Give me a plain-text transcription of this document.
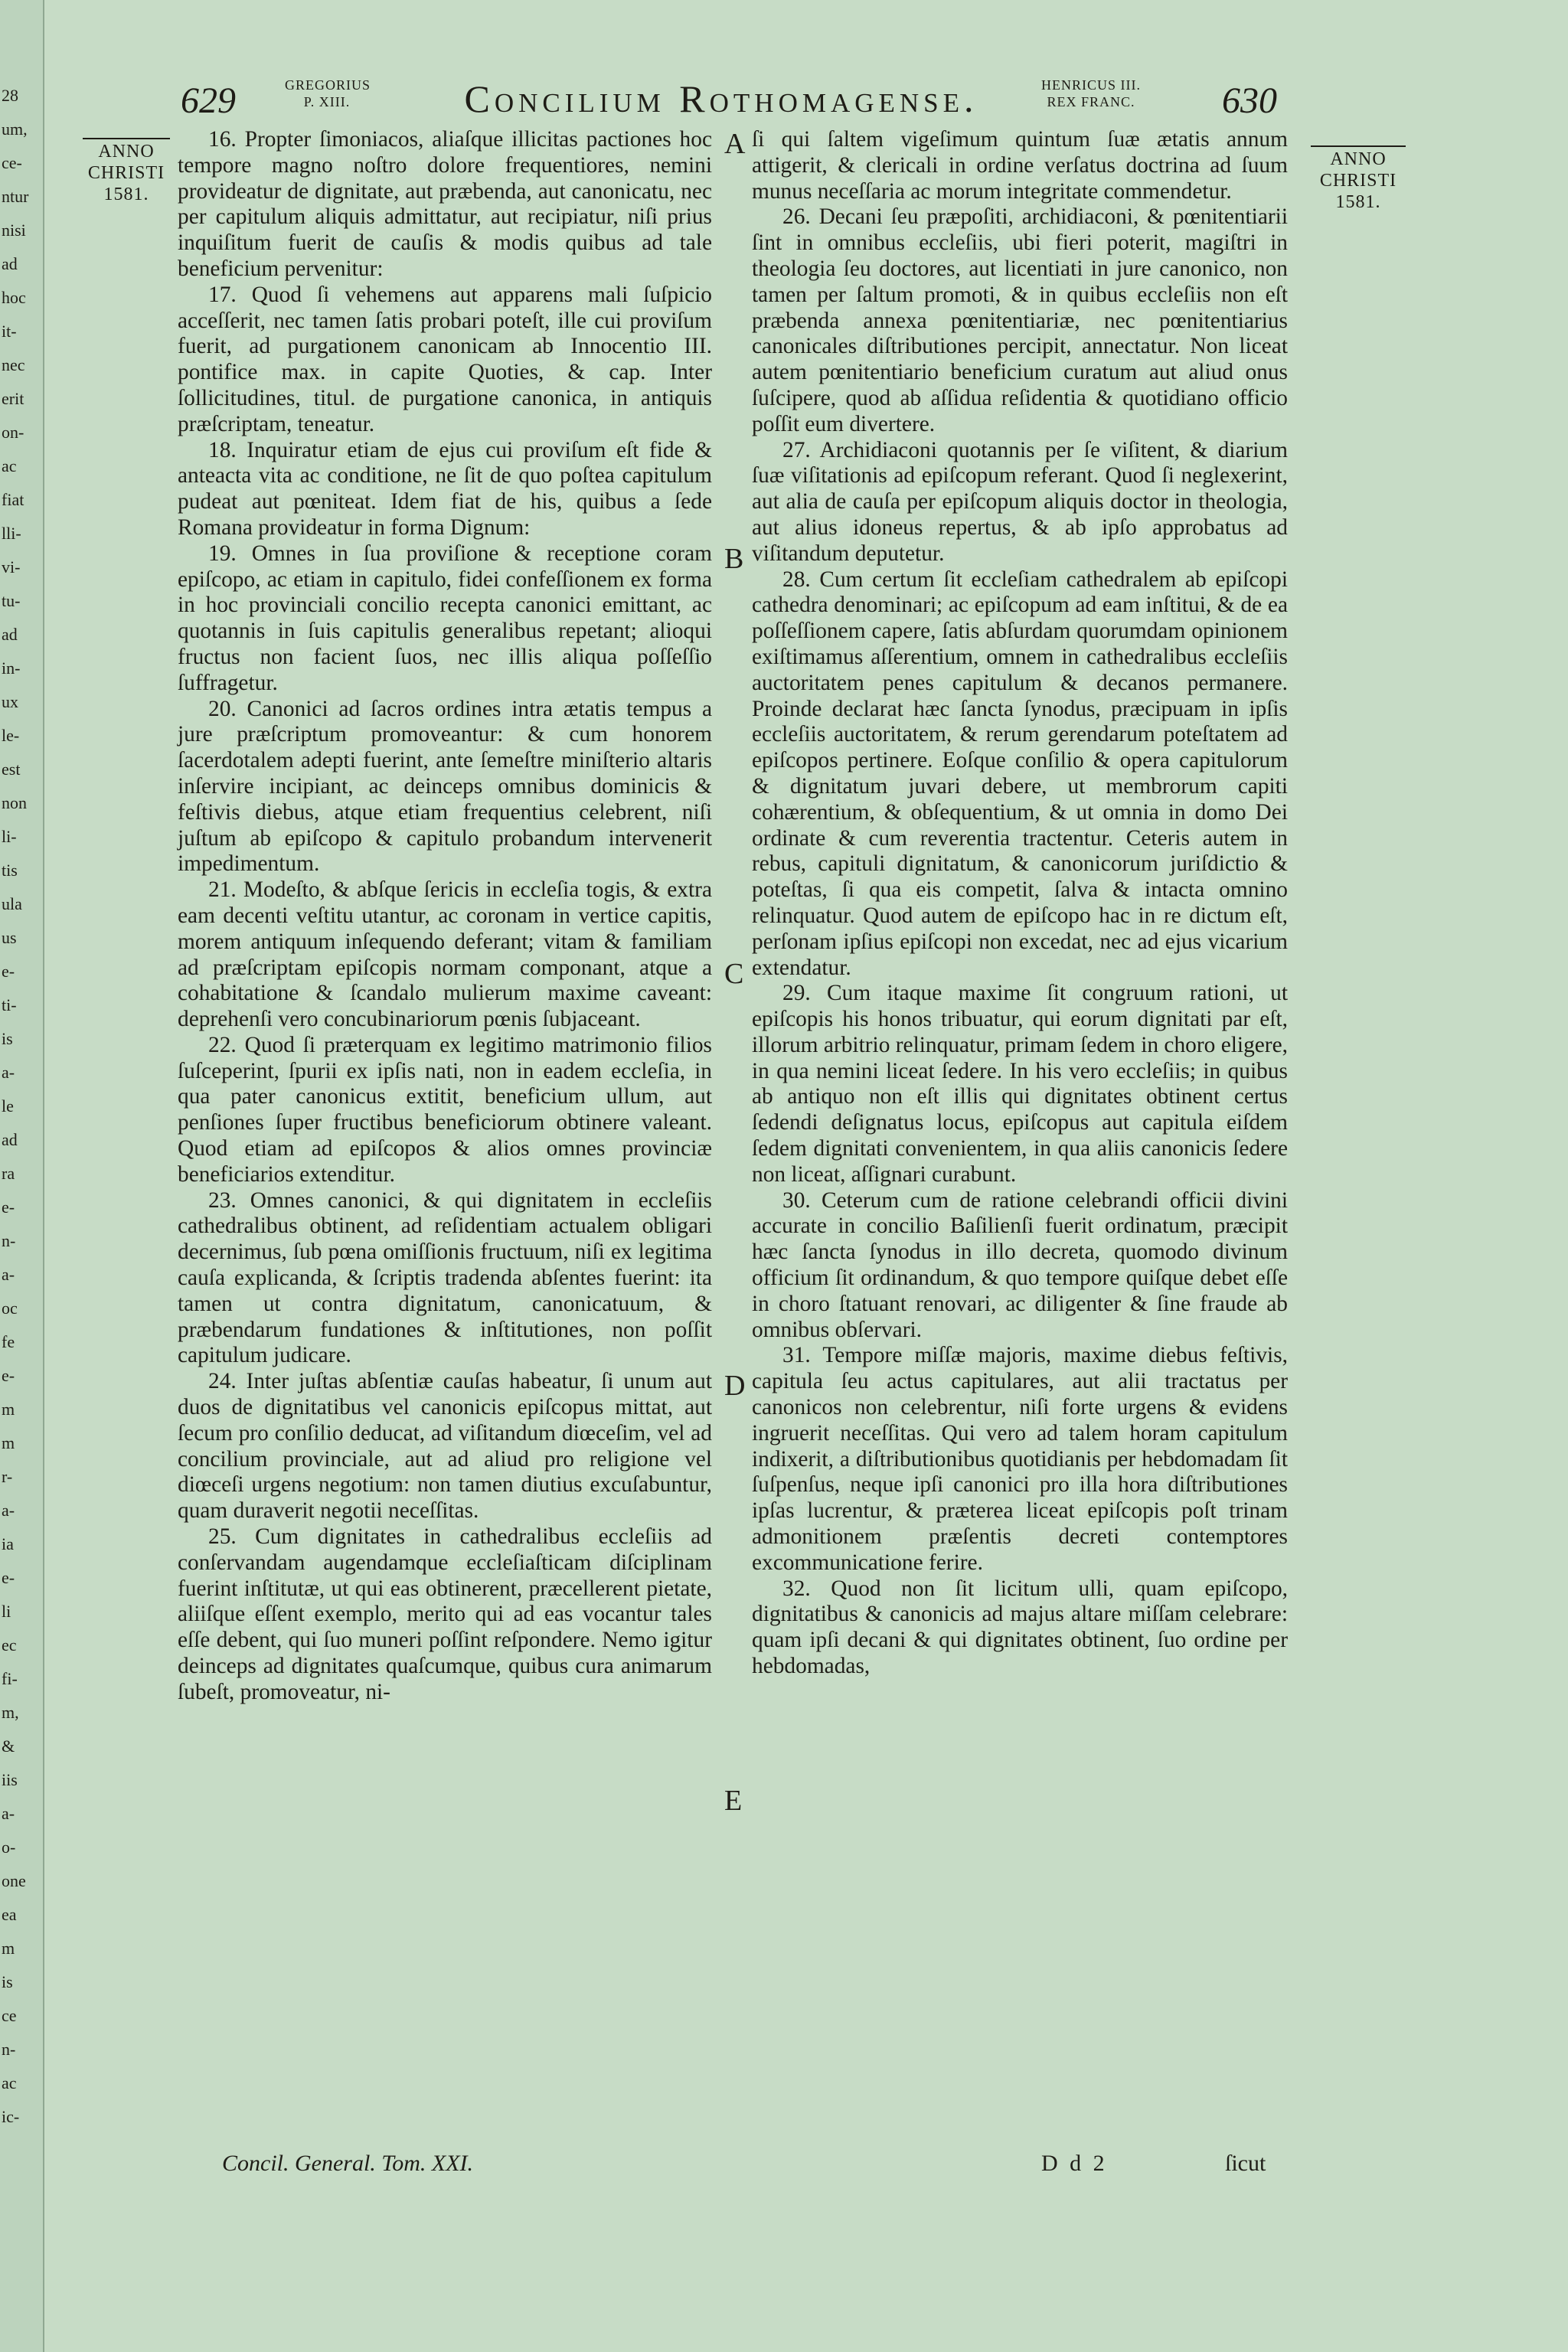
28
um,
ce-
ntur
nisi
ad
hoc
it-
nec
erit
on-
ac
fiat
lli-
vi-
tu-
ad
in-
ux
le-
est
non
li-
tis
ula
us
e-
ti-
is
a-
le
ad
ra
e-
n-
a-
oc
fe
e-
m
m
r-
a-
ia
e-
li
ec
fi-
m,
&
iis
a-
o-
one
ea
m
is
ce
n-
ac
ic-
629	GREGORIUS
P. XIII.	Concilium Rothomagense.	HENRICUS III.
REX FRANC.	630
ANNO
CHRISTI
1581.
ANNO
CHRISTI
1581.
A
B
C
D
E

16. Propter ſimoniacos, aliaſque illicitas pactiones hoc tempore magno noſtro dolore frequentiores, nemini provideatur de dignitate, aut præbenda, aut canonicatu, nec per capitulum aliquis admittatur, aut recipiatur, niſi prius inquiſitum fuerit de cauſis & modis quibus ad tale beneficium pervenitur:

17. Quod ſi vehemens aut apparens mali ſuſpicio acceſſerit, nec tamen ſatis probari poteſt, ille cui proviſum fuerit, ad purgationem canonicam ab Innocentio III. pontifice max. in capite Quoties, & cap. Inter ſollicitudines, titul. de purgatione canonica, in antiquis præſcriptam, teneatur.

18. Inquiratur etiam de ejus cui proviſum eſt fide & anteacta vita ac conditione, ne ſit de quo poſtea capitulum pudeat aut pœniteat. Idem fiat de his, quibus a ſede Romana provideatur in forma Dignum:

19. Omnes in ſua proviſione & receptione coram epiſcopo, ac etiam in capitulo, fidei confeſſionem ex forma in hoc provinciali concilio recepta canonici emittant, ac quotannis in ſuis capitulis generalibus repetant; alioqui fructus non facient ſuos, nec illis aliqua poſſeſſio ſuffragetur.

20. Canonici ad ſacros ordines intra ætatis tempus a jure præſcriptum promoveantur: & cum honorem ſacerdotalem adepti fuerint, ante ſemeſtre miniſterio altaris inſervire incipiant, ac deinceps omnibus dominicis & feſtivis diebus, atque etiam frequentius celebrent, niſi juſtum ab epiſcopo & capitulo probandum intervenerit impedimentum.

21. Modeſto, & abſque ſericis in eccleſia togis, & extra eam decenti veſtitu utantur, ac coronam in vertice capitis, morem antiquum inſequendo deferant; vitam & familiam ad præſcriptam epiſcopis normam componant, atque a cohabitatione & ſcandalo mulierum maxime caveant: deprehenſi vero concubinariorum pœnis ſubjaceant.

22. Quod ſi præterquam ex legitimo matrimonio filios ſuſceperint, ſpurii ex ipſis nati, non in eadem eccleſia, in qua pater canonicus extitit, beneficium ullum, aut penſiones ſuper fructibus beneficiorum obtinere valeant. Quod etiam ad epiſcopos & alios omnes provinciæ beneficiarios extenditur.

23. Omnes canonici, & qui dignitatem in eccleſiis cathedralibus obtinent, ad reſidentiam actualem obligari decernimus, ſub pœna omiſſionis fructuum, niſi ex legitima cauſa explicanda, & ſcriptis tradenda abſentes fuerint: ita tamen ut contra dignitatum, canonicatuum, & præbendarum fundationes & inſtitutiones, non poſſit capitulum judicare.

24. Inter juſtas abſentiæ cauſas habeatur, ſi unum aut duos de dignitatibus vel canonicis epiſcopus mittat, aut ſecum pro conſilio deducat, ad viſitandum diœceſim, vel ad concilium provinciale, aut ad aliud pro religione vel diœceſi urgens negotium: non tamen diutius excuſabuntur, quam duraverit negotii neceſſitas.

25. Cum dignitates in cathedralibus eccleſiis ad conſervandam augendamque eccleſiaſticam diſciplinam fuerint inſtitutæ, ut qui eas obtinerent, præcellerent pietate, aliiſque eſſent exemplo, merito qui ad eas vocantur tales eſſe debent, qui ſuo muneri poſſint reſpondere. Nemo igitur deinceps ad dignitates quaſcumque, quibus cura animarum ſubeſt, promoveatur, ni-

ſi qui ſaltem vigeſimum quintum ſuæ ætatis annum attigerit, & clericali in ordine verſatus doctrina ad ſuum munus neceſſaria ac morum integritate commendetur.

26. Decani ſeu præpoſiti, archidiaconi, & pœnitentiarii ſint in omnibus eccleſiis, ubi fieri poterit, magiſtri in theologia ſeu doctores, aut licentiati in jure canonico, non tamen per ſaltum promoti, & in quibus eccleſiis non eſt præbenda annexa pœnitentiariæ, nec pœnitentiarius canonicales diſtributiones percipit, annectatur. Non liceat autem pœnitentiario beneficium curatum aut aliud onus ſuſcipere, quod ab aſſidua reſidentia & quotidiano officio poſſit eum divertere.

27. Archidiaconi quotannis per ſe viſitent, & diarium ſuæ viſitationis ad epiſcopum referant. Quod ſi neglexerint, aut alia de cauſa per epiſcopum aliquis doctor in theologia, aut alius idoneus repertus, & ab ipſo approbatus ad viſitandum deputetur.

28. Cum certum ſit eccleſiam cathedralem ab epiſcopi cathedra denominari; ac epiſcopum ad eam inſtitui, & de ea poſſeſſionem capere, ſatis abſurdam quorumdam opinionem exiſtimamus aſſerentium, omnem in cathedralibus eccleſiis auctoritatem penes capitulum & decanos permanere. Proinde declarat hæc ſancta ſynodus, præcipuam in ipſis eccleſiis auctoritatem, & rerum gerendarum poteſtatem ad epiſcopos pertinere. Eoſque conſilio & opera capitulorum & dignitatum juvari debere, ut membrorum capiti cohærentium, & obſequentium, & ut omnia in domo Dei ordinate & cum reverentia tractentur. Ceteris autem in rebus, capituli dignitatum, & canonicorum juriſdictio & poteſtas, ſi qua eis competit, ſalva & intacta omnino relinquatur. Quod autem de epiſcopo hac in re dictum eſt, perſonam ipſius epiſcopi non excedat, nec ad ejus vicarium extendatur.

29. Cum itaque maxime ſit congruum rationi, ut epiſcopis his honos tribuatur, qui eorum dignitati par eſt, illorum arbitrio relinquatur, primam ſedem in choro eligere, in qua nemini liceat ſedere. In his vero eccleſiis; in quibus ab antiquo non eſt illis qui dignitates obtinent certus ſedendi deſignatus locus, epiſcopus aut capitula eiſdem ſedem dignitati convenientem, in qua aliis canonicis ſedere non liceat, aſſignari curabunt.

30. Ceterum cum de ratione celebrandi officii divini accurate in concilio Baſilienſi fuerit ordinatum, præcipit hæc ſancta ſynodus in illo decreta, quomodo divinum officium ſit ordinandum, & quo tempore quiſque debet eſſe in choro ſtatuant renovari, ac diligenter & ſine fraude ab omnibus obſervari.

31. Tempore miſſæ majoris, maxime diebus feſtivis, capitula ſeu actus capitulares, aut alii tractatus per canonicos non celebrentur, niſi forte urgens & evidens ingruerit neceſſitas. Qui vero ad talem horam capitulum indixerit, a diſtributionibus quotidianis per hebdomadam ſit ſuſpenſus, neque ipſi canonici pro illa hora diſtributiones ipſas lucrentur, & præterea liceat epiſcopis poſt trinam admonitionem præſentis decreti contemptores excommunicatione ferire.

32. Quod non ſit licitum ulli, quam epiſcopo, dignitatibus & canonicis ad majus altare miſſam celebrare: quam ipſi decani & qui dignitates obtinent, ſuo ordine per hebdomadas,

Concil. General. Tom. XXI.	D d 2	ſicut
